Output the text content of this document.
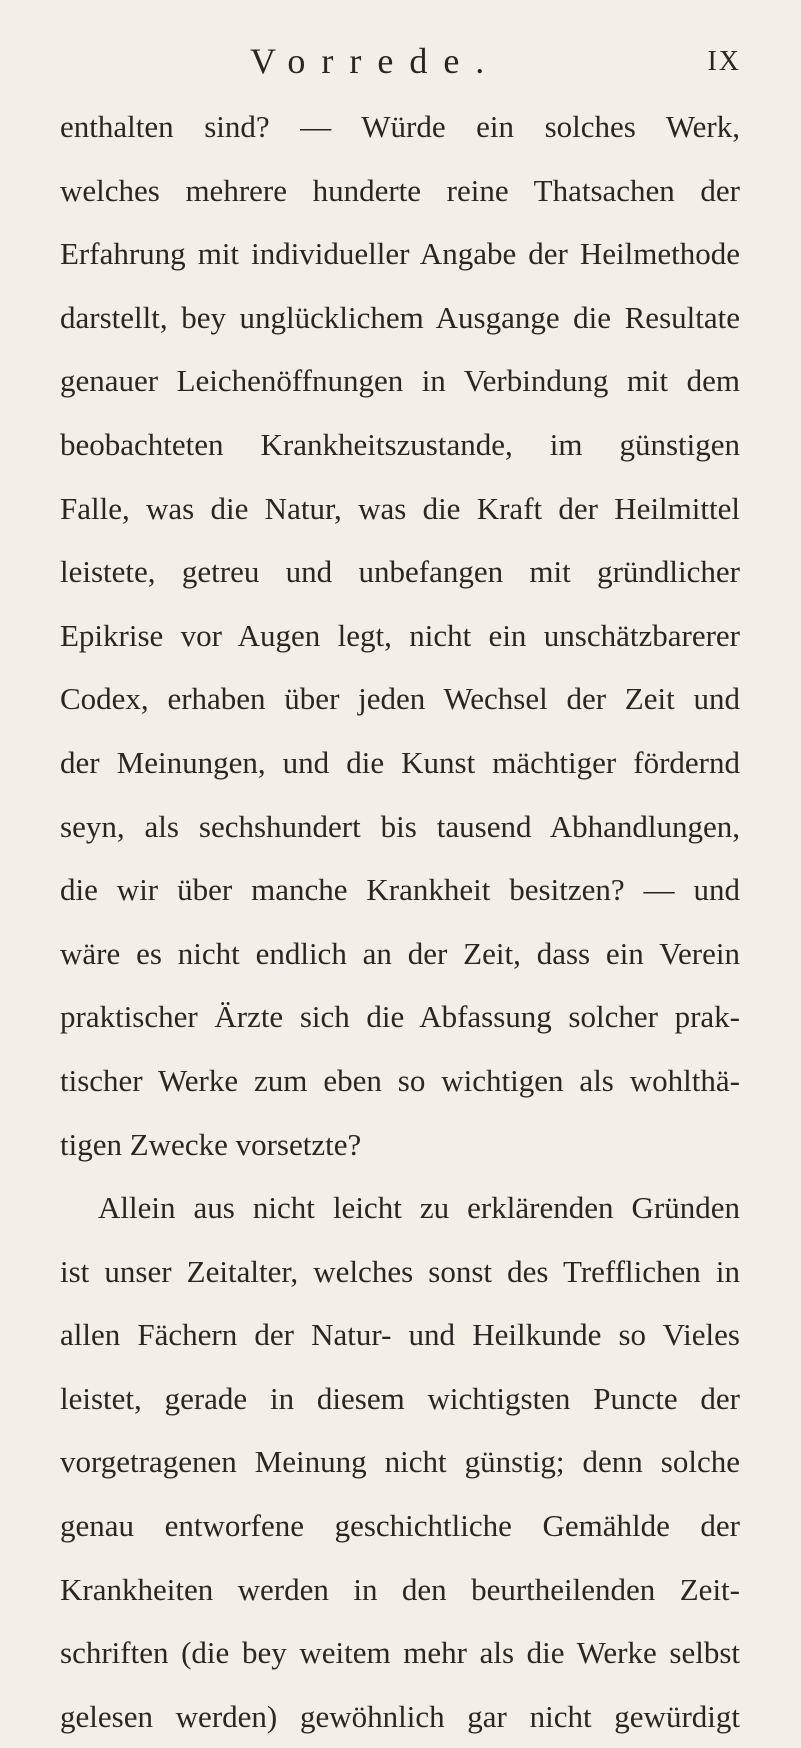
Vorrede.	IX
enthalten sind? — Würde ein solches Werk,
welches mehrere hunderte reine Thatsachen der
Erfahrung mit individueller Angabe der Heilmethode
darstellt, bey unglücklichem Ausgange die Resultate
genauer Leichenöffnungen in Verbindung mit dem
beobachteten Krankheitszustande, im günstigen
Falle, was die Natur, was die Kraft der Heilmittel
leistete, getreu und unbefangen mit gründlicher
Epikrise vor Augen legt, nicht ein unschätzbarerer
Codex, erhaben über jeden Wechsel der Zeit und
der Meinungen, und die Kunst mächtiger fördernd
seyn, als sechshundert bis tausend Abhandlungen,
die wir über manche Krankheit besitzen? — und
wäre es nicht endlich an der Zeit, dass ein Verein
praktischer Ärzte sich die Abfassung solcher prak-
tischer Werke zum eben so wichtigen als wohlthä-
tigen Zwecke vorsetzte?
Allein aus nicht leicht zu erklärenden Gründen
ist unser Zeitalter, welches sonst des Trefflichen in
allen Fächern der Natur- und Heilkunde so Vieles
leistet, gerade in diesem wichtigsten Puncte der
vorgetragenen Meinung nicht günstig; denn solche
genau entworfene geschichtliche Gemählde der
Krankheiten werden in den beurtheilenden Zeit-
schriften (die bey weitem mehr als die Werke selbst
gelesen werden) gewöhnlich gar nicht gewürdigt
